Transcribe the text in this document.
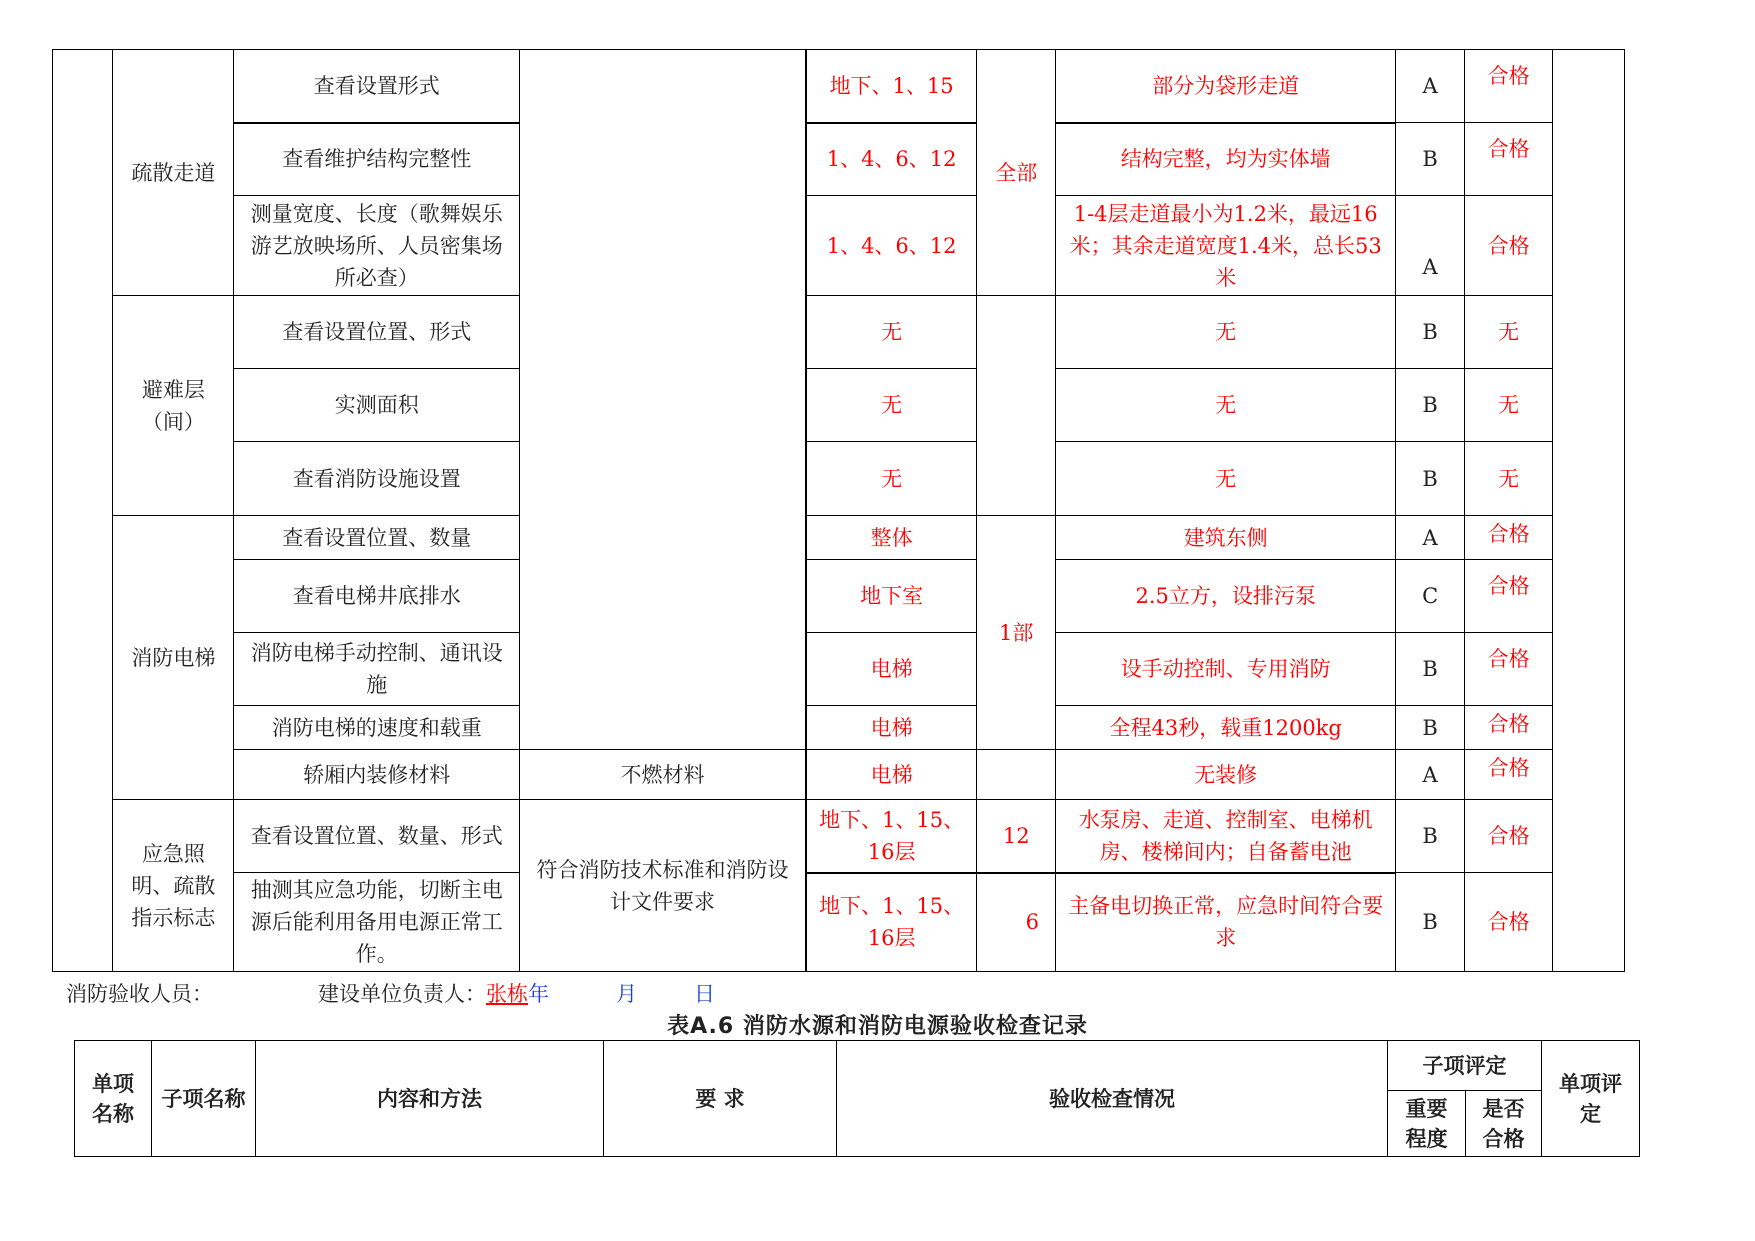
	疏散走道	查看设置形式		地下、1、15	全部	部分为袋形走道	A	合格	
		查看维护结构完整性		1、4、6、12		结构完整，均为实体墙	B	合格	
		测量宽度、长度（歌舞娱乐游艺放映场所、人员密集场所必查）		1、4、6、12		1-4层走道最小为1.2米，最远16米；其余走道宽度1.4米，总长53米	A	合格	
	避难层（间）	查看设置位置、形式		无		无	B	无	
		实测面积		无		无	B	无	
		查看消防设施设置		无		无	B	无	
	消防电梯	查看设置位置、数量		整体	1部	建筑东侧	A	合格	
		查看电梯井底排水		地下室		2.5立方，设排污泵	C	合格	
		消防电梯手动控制、通讯设施		电梯		设手动控制、专用消防	B	合格	
		消防电梯的速度和载重		电梯		全程43秒，载重1200kg	B	合格	
		轿厢内装修材料	不燃材料	电梯		无装修	A	合格	
	应急照明、疏散指示标志	查看设置位置、数量、形式	符合消防技术标准和消防设计文件要求	地下、1、15、16层	12	水泵房、走道、控制室、电梯机房、楼梯间内；自备蓄电池	B	合格	
		抽测其应急功能，切断主电源后能利用备用电源正常工作。		地下、1、15、16层	6	主备电切换正常，应急时间符合要求	B	合格	
消防验收人员：	建设单位负责人：张栋年	月	日
表A.6 消防水源和消防电源验收检查记录
单项名称	子项名称	内容和方法	要 求	验收检查情况	子项评定		单项评定
					重要程度	是否合格	
